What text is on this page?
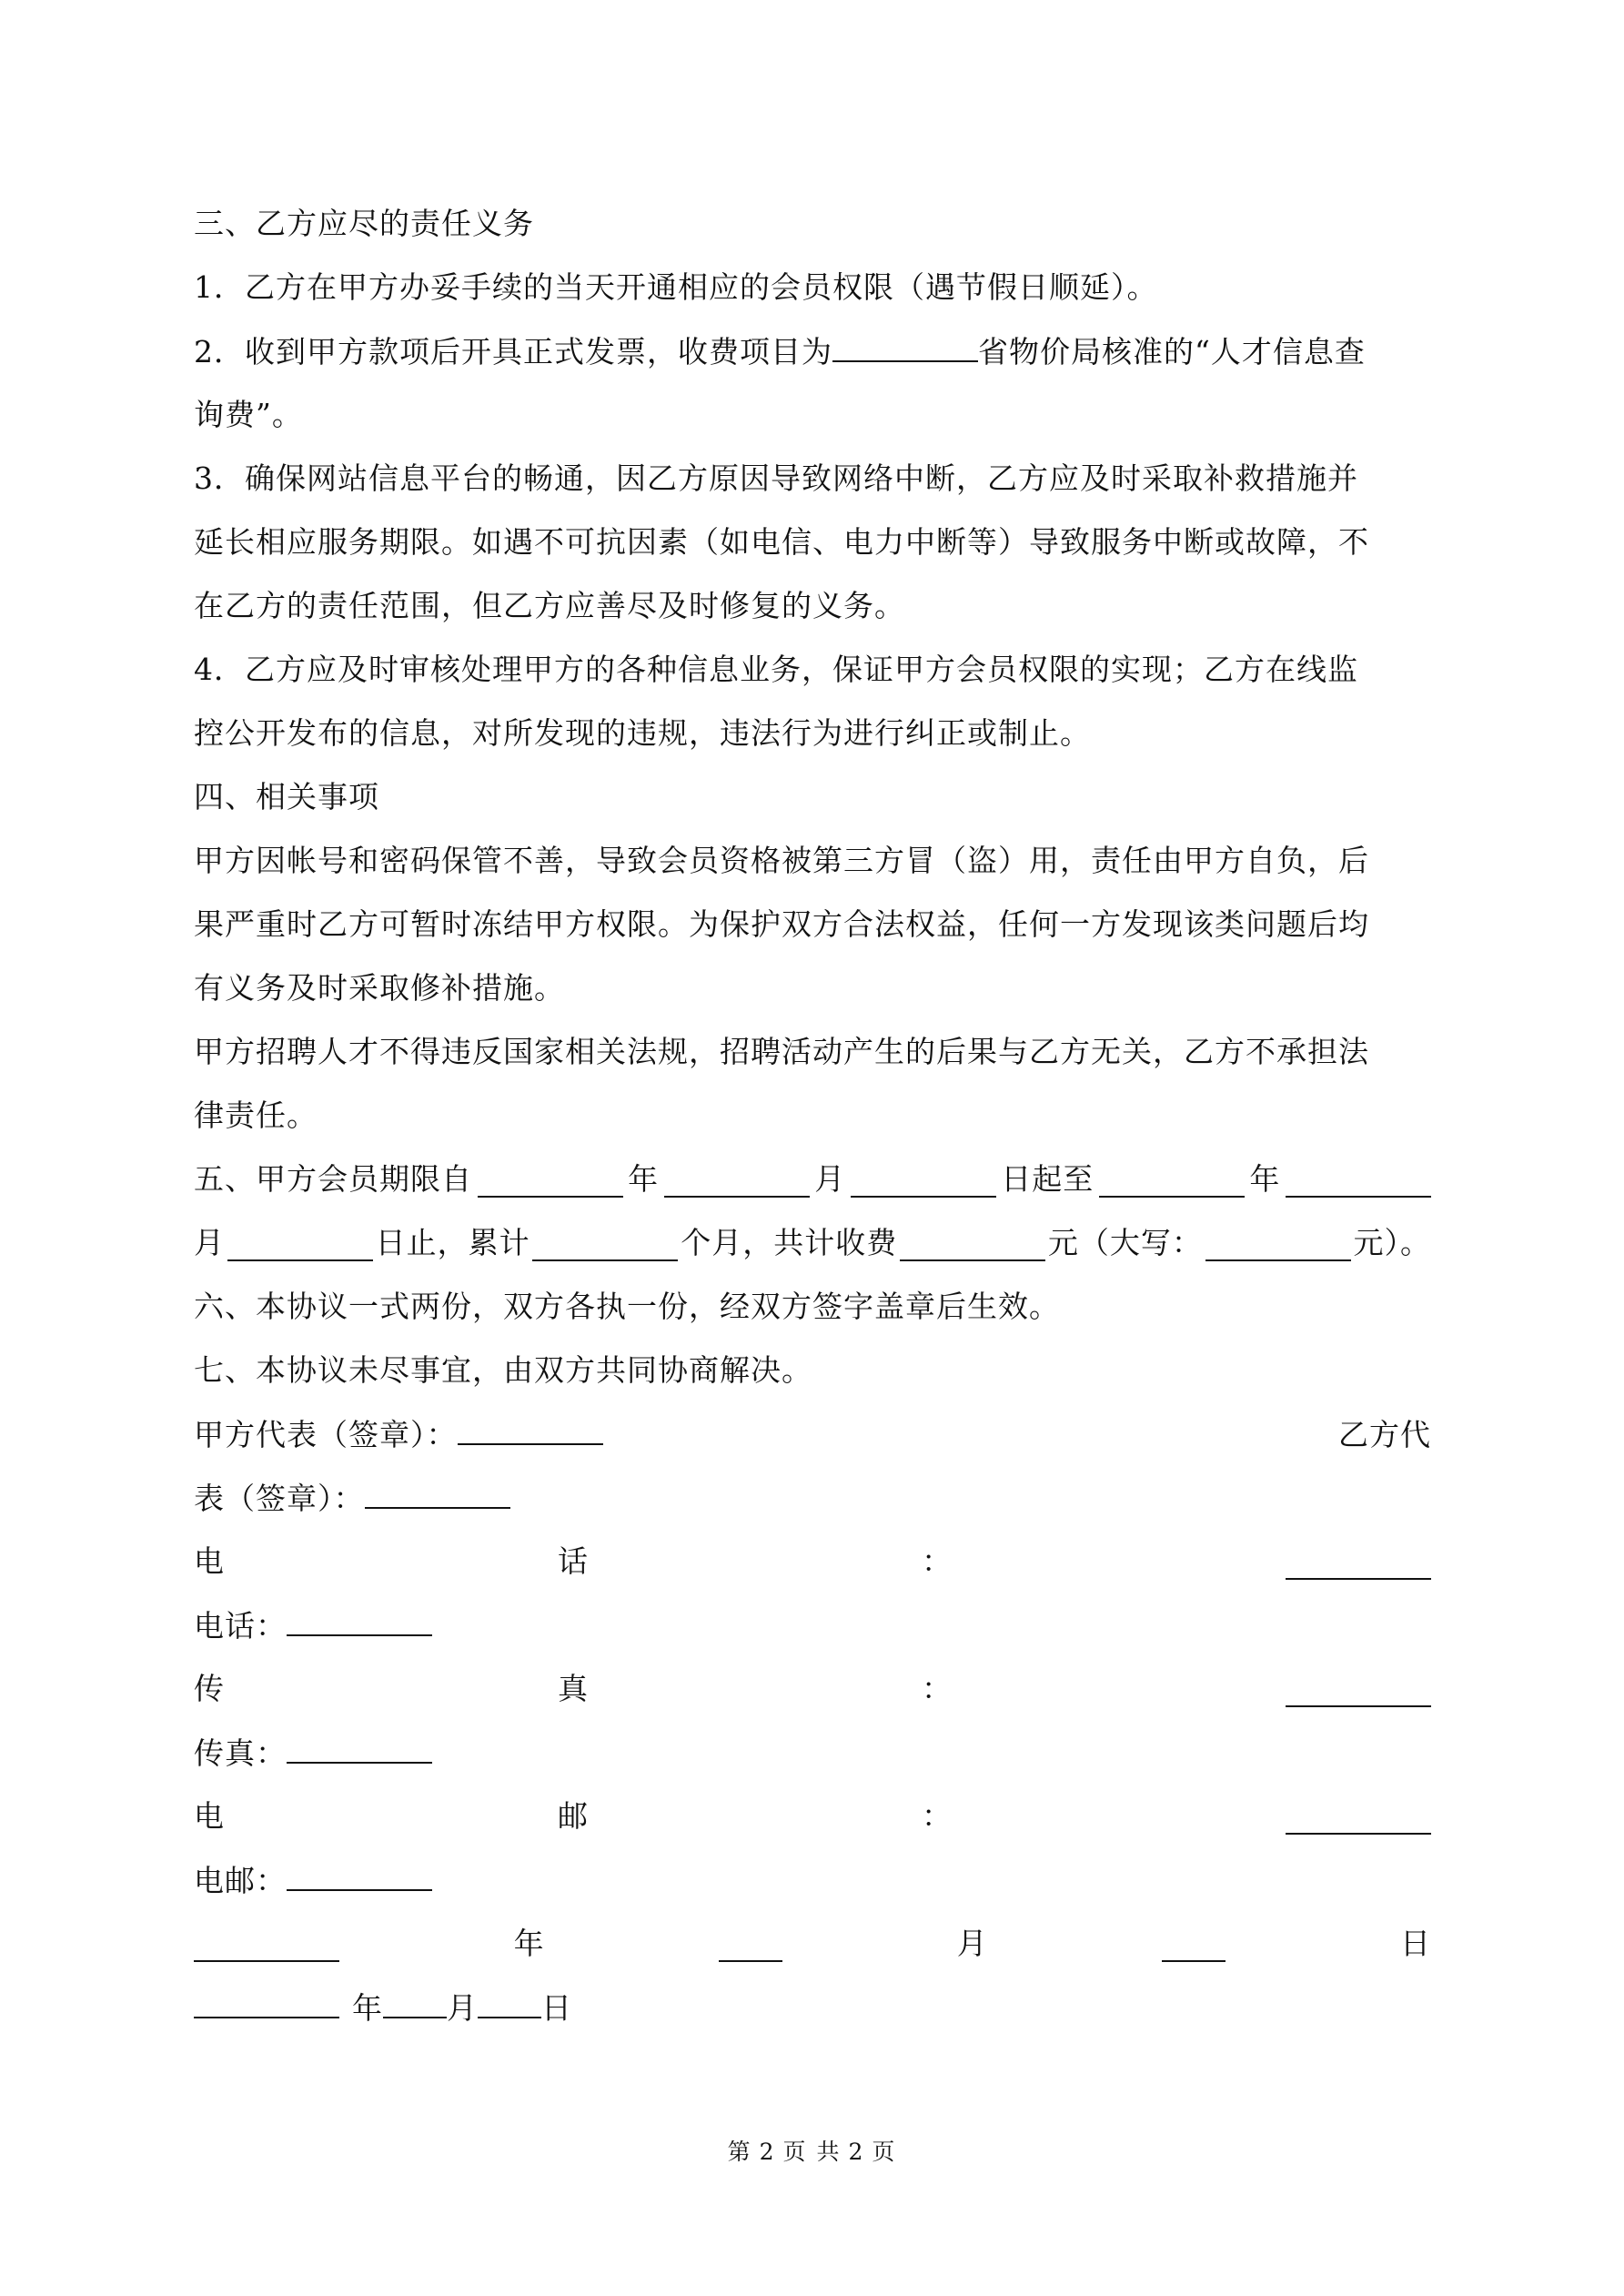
三、乙方应尽的责任义务
1．乙方在甲方办妥手续的当天开通相应的会员权限（遇节假日顺延）。
2．收到甲方款项后开具正式发票，收费项目为	省物价局核准的“人才信息查
询费”。
3．确保网站信息平台的畅通，因乙方原因导致网络中断，乙方应及时采取补救措施并
延长相应服务期限。如遇不可抗因素（如电信、电力中断等）导致服务中断或故障，不
在乙方的责任范围，但乙方应善尽及时修复的义务。
4．乙方应及时审核处理甲方的各种信息业务，保证甲方会员权限的实现；乙方在线监
控公开发布的信息，对所发现的违规，违法行为进行纠正或制止。
四、相关事项
甲方因帐号和密码保管不善，导致会员资格被第三方冒（盗）用，责任由甲方自负，后
果严重时乙方可暂时冻结甲方权限。为保护双方合法权益，任何一方发现该类问题后均
有义务及时采取修补措施。
甲方招聘人才不得违反国家相关法规，招聘活动产生的后果与乙方无关，乙方不承担法
律责任。
五、甲方会员期限自	年	月	日起至	年
月	日止，累计	个月，共计收费	元（大写：	元）。
六、本协议一式两份，双方各执一份，经双方签字盖章后生效。
七、本协议未尽事宜，由双方共同协商解决。
甲方代表（签章）：	乙方代
表（签章）：
电	话	：
电话：
传	真	：
传真：
电	邮	：
电邮：
年	月	日
年 月 日
第 2 页 共 2 页
